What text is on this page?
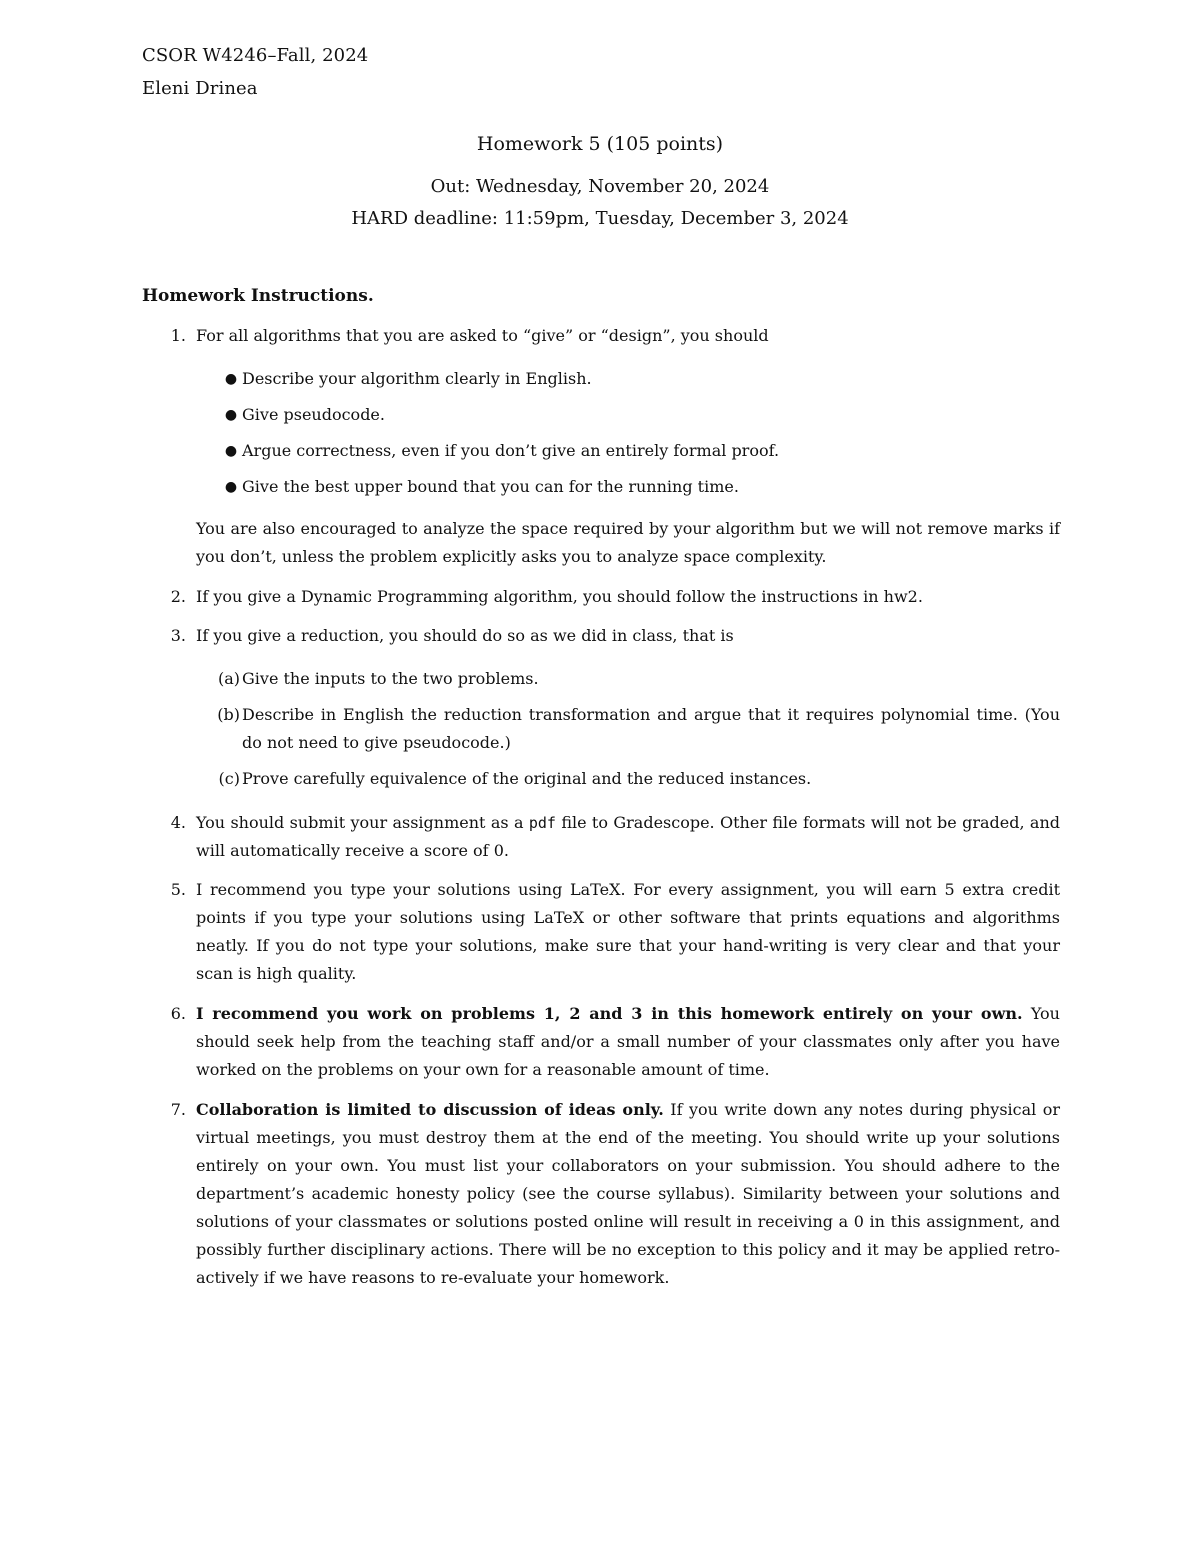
CSOR W4246–Fall, 2024
Eleni Drinea
Homework 5 (105 points)
Out: Wednesday, November 20, 2024
HARD deadline: 11:59pm, Tuesday, December 3, 2024
Homework Instructions.
1. For all algorithms that you are asked to “give” or “design”, you should
● Describe your algorithm clearly in English.
● Give pseudocode.
● Argue correctness, even if you don’t give an entirely formal proof.
● Give the best upper bound that you can for the running time.
You are also encouraged to analyze the space required by your algorithm but we will not remove marks if you don’t, unless the problem explicitly asks you to analyze space complexity.
2. If you give a Dynamic Programming algorithm, you should follow the instructions in hw2.
3. If you give a reduction, you should do so as we did in class, that is
(a) Give the inputs to the two problems.
(b) Describe in English the reduction transformation and argue that it requires polynomial time. (You do not need to give pseudocode.)
(c) Prove carefully equivalence of the original and the reduced instances.
4. You should submit your assignment as a pdf file to Gradescope. Other file formats will not be graded, and will automatically receive a score of 0.
5. I recommend you type your solutions using LaTeX. For every assignment, you will earn 5 extra credit points if you type your solutions using LaTeX or other software that prints equations and algorithms neatly. If you do not type your solutions, make sure that your hand-writing is very clear and that your scan is high quality.
6. I recommend you work on problems 1, 2 and 3 in this homework entirely on your own. You should seek help from the teaching staff and/or a small number of your classmates only after you have worked on the problems on your own for a reasonable amount of time.
7. Collaboration is limited to discussion of ideas only. If you write down any notes during physical or virtual meetings, you must destroy them at the end of the meeting. You should write up your solutions entirely on your own. You must list your collaborators on your submission. You should adhere to the department’s academic honesty policy (see the course syllabus). Similarity between your solutions and solutions of your classmates or solutions posted online will result in receiving a 0 in this assignment, and possibly further disciplinary actions. There will be no exception to this policy and it may be applied retro-actively if we have reasons to re-evaluate your homework.
